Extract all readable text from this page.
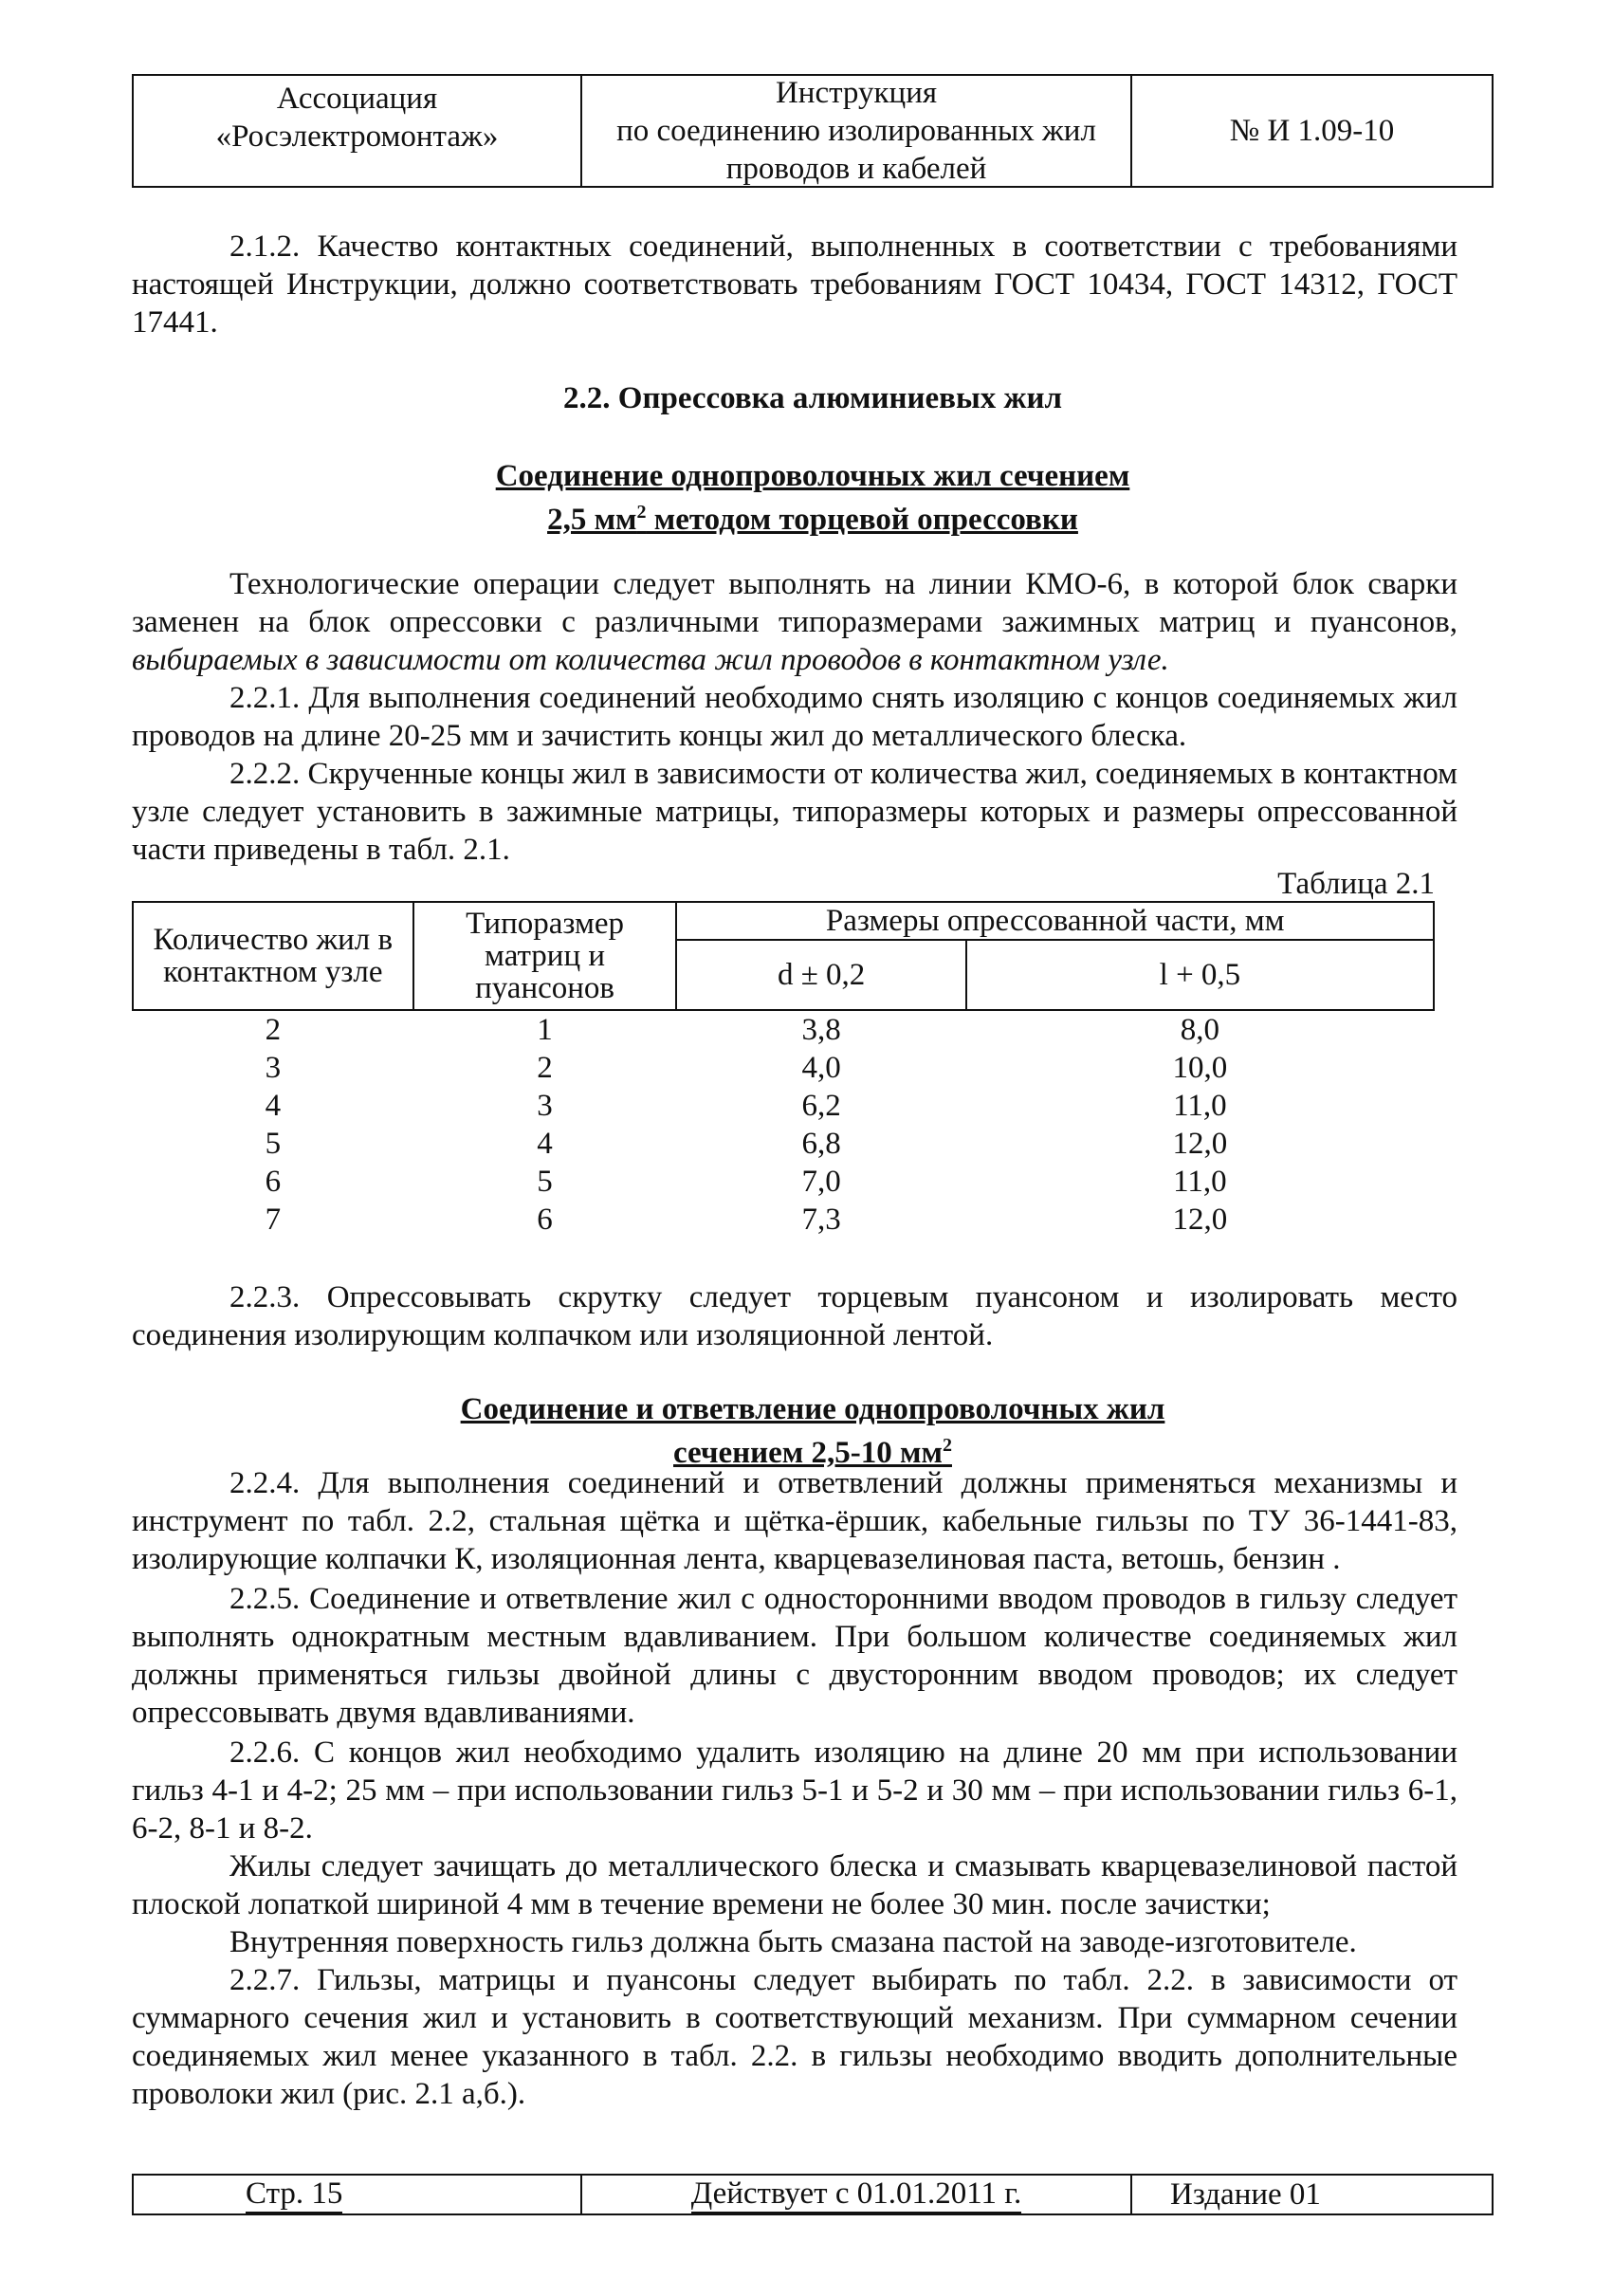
Ассоциация
«Росэлектромонтаж»
Инструкция
по соединению изолированных жил
проводов и кабелей
№ И 1.09-10
2.1.2. Качество контактных соединений, выполненных в соответствии с требованиями настоящей Инструкции, должно соответствовать требованиям ГОСТ 10434, ГОСТ 14312, ГОСТ 17441.
2.2. Опрессовка алюминиевых жил
Соединение однопроволочных жил сечением
2,5 $мм^2$ методом торцевой опрессовки
Технологические операции следует выполнять на линии КМО-6, в которой блок сварки заменен на блок опрессовки с различными типоразмерами зажимных матриц и пуансонов, выбираемых в зависимости от количества жил проводов в контактном узле.
2.2.1. Для выполнения соединений необходимо снять изоляцию с концов соединяемых жил проводов на длине 20-25 мм и зачистить концы жил до металлического блеска.
2.2.2. Скрученные концы жил в зависимости от количества жил, соединяемых в контактном узле следует установить в зажимные матрицы, типоразмеры которых и размеры опрессованной части приведены в табл. 2.1.
Таблица 2.1
Количество жил в контактном узле	Типоразмер матриц и пуансонов	Размеры опрессованной части, мм	
		d ± 0,2	l + 0,5
2	1	3,8	8,0
3	2	4,0	10,0
4	3	6,2	11,0
5	4	6,8	12,0
6	5	7,0	11,0
7	6	7,3	12,0
2.2.3. Опрессовывать скрутку следует торцевым пуансоном и изолировать место соединения изолирующим колпачком или изоляционной лентой.
Соединение и ответвление однопроволочных жил
сечением 2,5-10 $мм^2$
2.2.4. Для выполнения соединений и ответвлений должны применяться механизмы и инструмент по табл. 2.2, стальная щётка и щётка-ёршик, кабельные гильзы по ТУ 36-1441-83, изолирующие колпачки К, изоляционная лента, кварцевазелиновая паста, ветошь, бензин .
2.2.5. Соединение и ответвление жил с односторонними вводом проводов в гильзу следует выполнять однократным местным вдавливанием. При большом количестве соединяемых жил должны применяться гильзы двойной длины с двусторонним вводом проводов; их следует опрессовывать двумя вдавливаниями.
2.2.6. С концов жил необходимо удалить изоляцию на длине 20 мм при использовании гильз 4-1 и 4-2; 25 мм – при использовании гильз 5-1 и 5-2 и 30 мм – при использовании гильз 6-1, 6-2, 8-1 и 8-2.
Жилы следует зачищать до металлического блеска и смазывать кварцевазелиновой пастой плоской лопаткой шириной 4 мм в течение времени не более 30 мин. после зачистки;
Внутренняя поверхность гильз должна быть смазана пастой на заводе-изготовителе.
2.2.7. Гильзы, матрицы и пуансоны следует выбирать по табл. 2.2. в зависимости от суммарного сечения жил и установить в соответствующий механизм. При суммарном сечении соединяемых жил менее указанного в табл. 2.2. в гильзы необходимо вводить дополнительные проволоки жил (рис. 2.1 а,б.).
Стр. 15	Действует с 01.01.2011 г.	Издание 01
